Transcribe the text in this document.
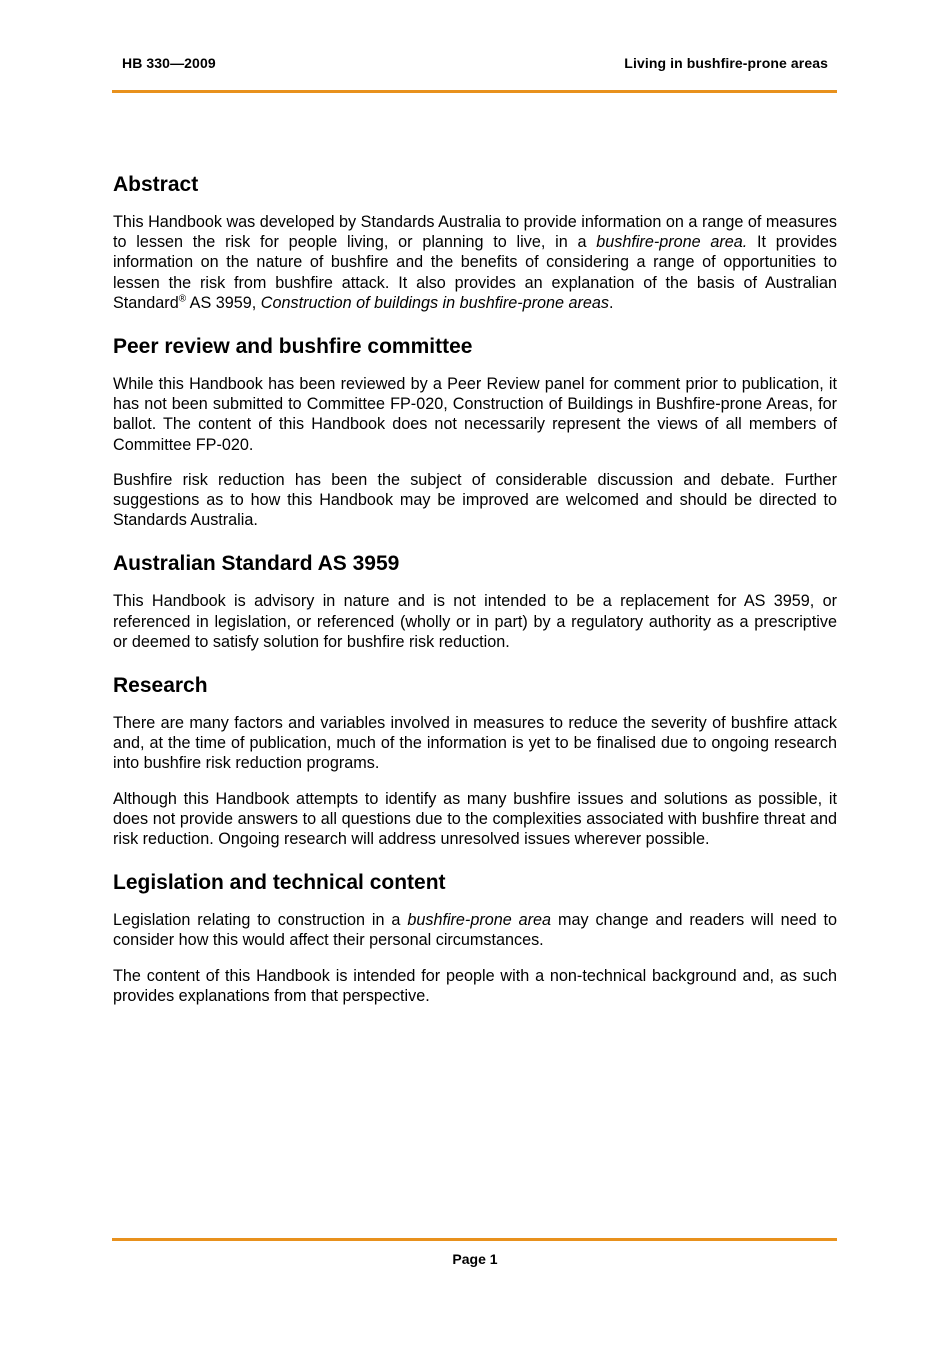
HB 330—2009	Living in bushfire-prone areas
Abstract

This Handbook was developed by Standards Australia to provide information on a range of measures to lessen the risk for people living, or planning to live, in a bushfire-prone area. It provides information on the nature of bushfire and the benefits of considering a range of opportunities to lessen the risk from bushfire attack. It also provides an explanation of the basis of Australian Standard® AS 3959, Construction of buildings in bushfire-prone areas.

Peer review and bushfire committee

While this Handbook has been reviewed by a Peer Review panel for comment prior to publication, it has not been submitted to Committee FP-020, Construction of Buildings in Bushfire-prone Areas, for ballot. The content of this Handbook does not necessarily represent the views of all members of Committee FP-020.

Bushfire risk reduction has been the subject of considerable discussion and debate. Further suggestions as to how this Handbook may be improved are welcomed and should be directed to Standards Australia.

Australian Standard AS 3959

This Handbook is advisory in nature and is not intended to be a replacement for AS 3959, or referenced in legislation, or referenced (wholly or in part) by a regulatory authority as a prescriptive or deemed to satisfy solution for bushfire risk reduction.

Research

There are many factors and variables involved in measures to reduce the severity of bushfire attack and, at the time of publication, much of the information is yet to be finalised due to ongoing research into bushfire risk reduction programs.

Although this Handbook attempts to identify as many bushfire issues and solutions as possible, it does not provide answers to all questions due to the complexities associated with bushfire threat and risk reduction. Ongoing research will address unresolved issues wherever possible.

Legislation and technical content

Legislation relating to construction in a bushfire-prone area may change and readers will need to consider how this would affect their personal circumstances.

The content of this Handbook is intended for people with a non-technical background and, as such provides explanations from that perspective.

Page 1
